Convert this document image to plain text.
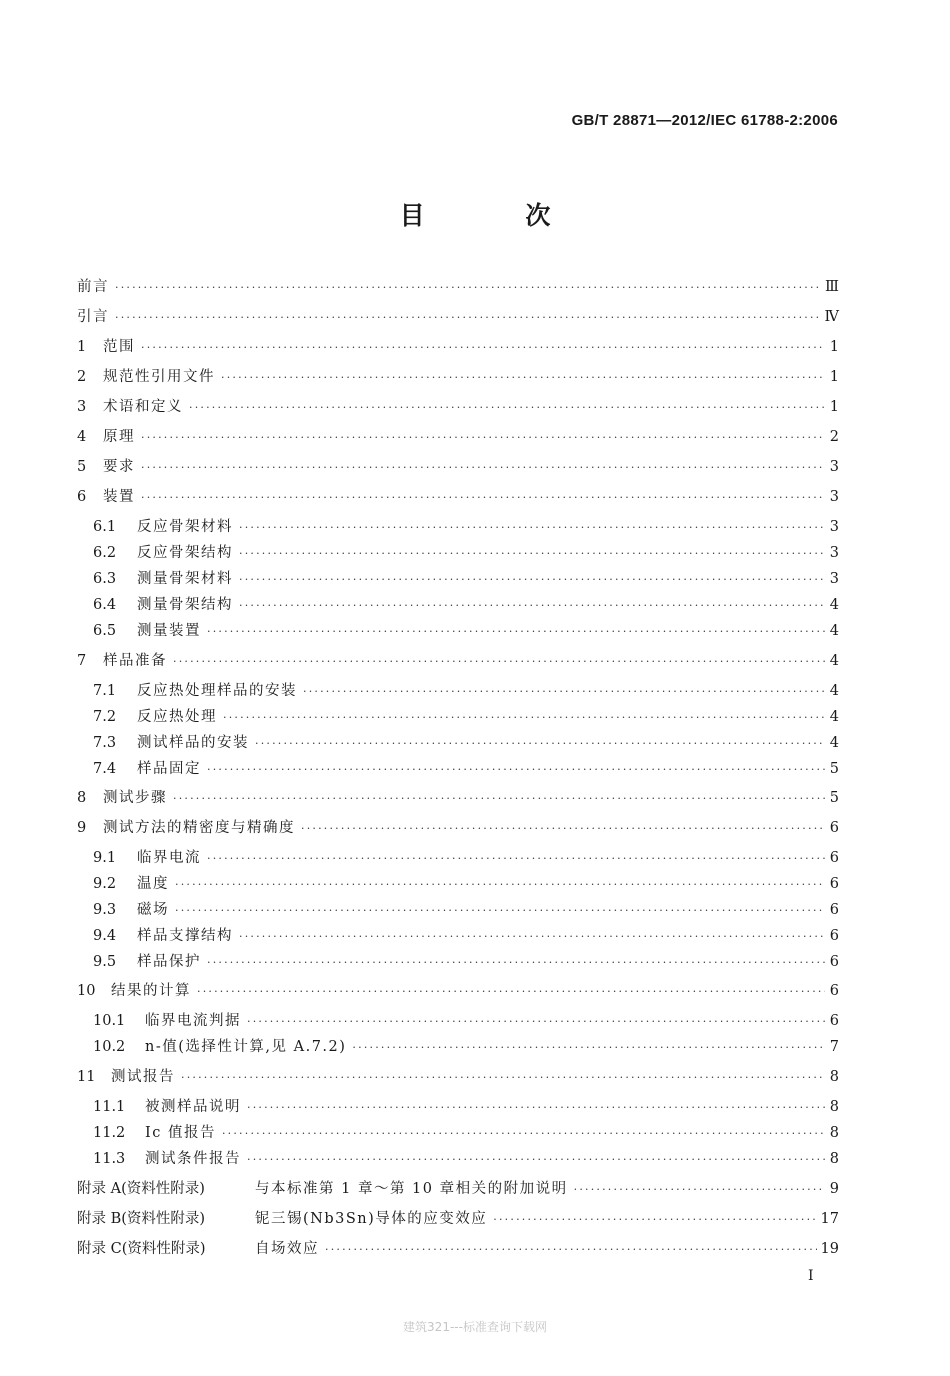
GB/T 28871—2012/IEC 61788-2:2006
目 次
前言 ·····	Ⅲ
引言 ·····	Ⅳ
1	范围 ·····	1
2	规范性引用文件 ·····	1
3	术语和定义 ·····	1
4	原理 ·····	2
5	要求 ·····	3
6	装置 ·····	3
6.1	反应骨架材料 ·····	3
6.2	反应骨架结构 ·····	3
6.3	测量骨架材料 ·····	3
6.4	测量骨架结构 ·····	4
6.5	测量装置 ·····	4
7	样品准备 ·····	4
7.1	反应热处理样品的安装 ·····	4
7.2	反应热处理 ·····	4
7.3	测试样品的安装 ·····	4
7.4	样品固定 ·····	5
8	测试步骤 ·····	5
9	测试方法的精密度与精确度 ·····	6
9.1	临界电流 ·····	6
9.2	温度 ·····	6
9.3	磁场 ·····	6
9.4	样品支撑结构 ·····	6
9.5	样品保护 ·····	6
10	结果的计算 ·····	6
10.1	临界电流判据 ·····	6
10.2	n-值(选择性计算,见 A.7.2) ·····	7
11	测试报告 ·····	8
11.1	被测样品说明 ·····	8
11.2	Ic 值报告 ·····	8
11.3	测试条件报告 ·····	8
附录 A(资料性附录)	与本标准第 1 章～第 10 章相关的附加说明 ·····	9
附录 B(资料性附录)	铌三锡(Nb3Sn)导体的应变效应 ·····	17
附录 C(资料性附录)	自场效应 ·····	19
Ⅰ
建筑321---标准查询下载网
